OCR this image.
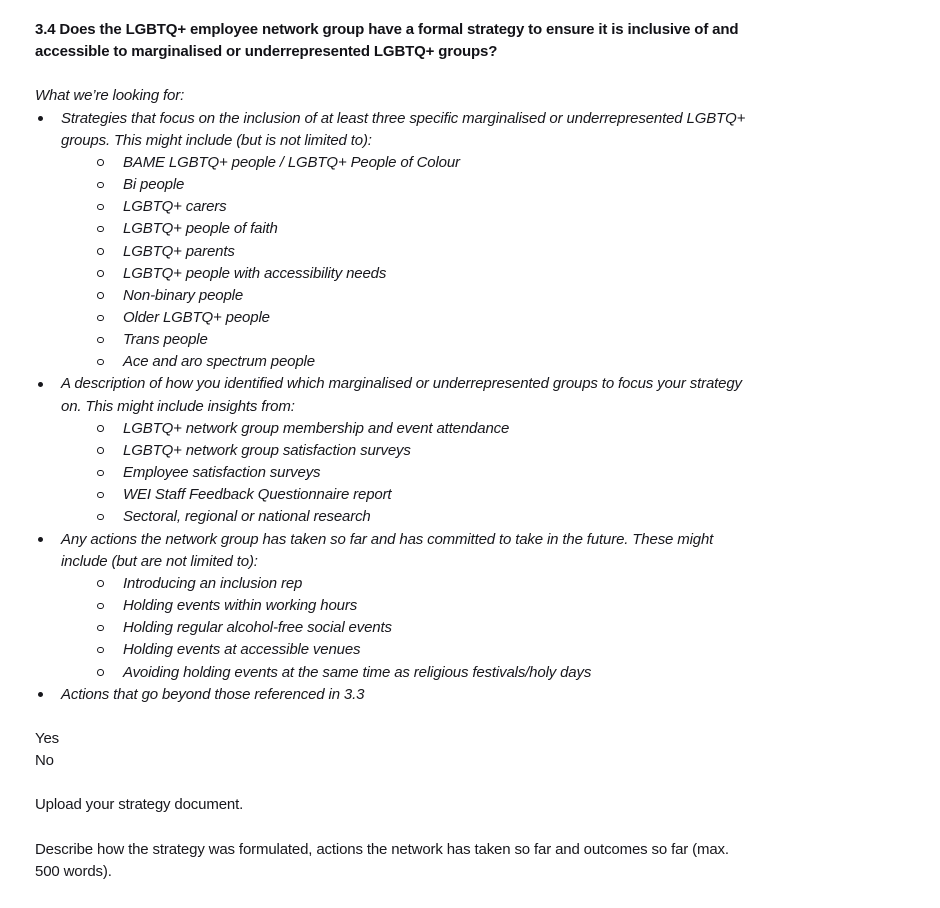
3.4 Does the LGBTQ+ employee network group have a formal strategy to ensure it is inclusive of and
accessible to marginalised or underrepresented LGBTQ+ groups?
What we’re looking for:
Strategies that focus on the inclusion of at least three specific marginalised or underrepresented LGBTQ+
groups. This might include (but is not limited to):
BAME LGBTQ+ people / LGBTQ+ People of Colour
Bi people
LGBTQ+ carers
LGBTQ+ people of faith
LGBTQ+ parents
LGBTQ+ people with accessibility needs
Non-binary people
Older LGBTQ+ people
Trans people
Ace and aro spectrum people
A description of how you identified which marginalised or underrepresented groups to focus your strategy
on. This might include insights from:
LGBTQ+ network group membership and event attendance
LGBTQ+ network group satisfaction surveys
Employee satisfaction surveys
WEI Staff Feedback Questionnaire report
Sectoral, regional or national research
Any actions the network group has taken so far and has committed to take in the future. These might
include (but are not limited to):
Introducing an inclusion rep
Holding events within working hours
Holding regular alcohol-free social events
Holding events at accessible venues
Avoiding holding events at the same time as religious festivals/holy days
Actions that go beyond those referenced in 3.3
Yes
No
Upload your strategy document.
Describe how the strategy was formulated, actions the network has taken so far and outcomes so far (max.
500 words).
